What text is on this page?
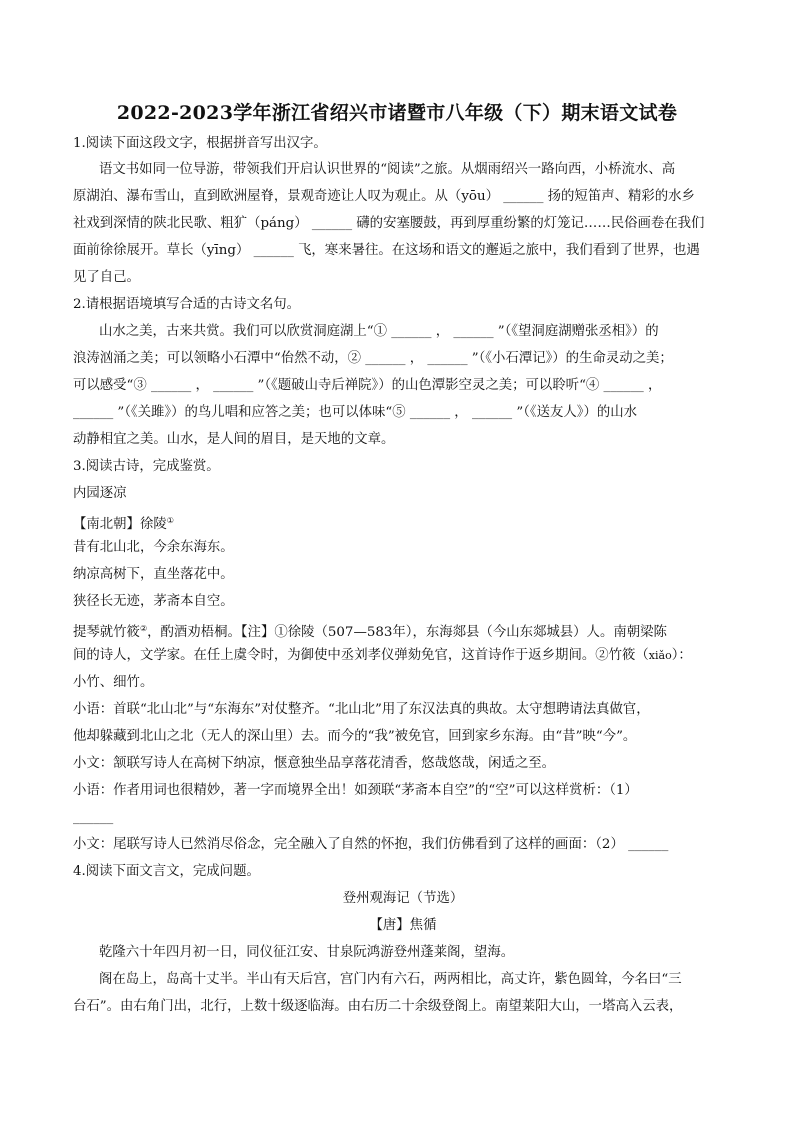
2022-2023学年浙江省绍兴市诸暨市八年级（下）期末语文试卷
1.阅读下面这段文字，根据拼音写出汉字。
语文书如同一位导游，带领我们开启认识世界的“阅读”之旅。从烟雨绍兴一路向西，小桥流水、高
原湖泊、瀑布雪山，直到欧洲屋脊，景观奇迹让人叹为观止。从（yōu） ______ 扬的短笛声、精彩的水乡
社戏到深情的陕北民歌、粗犷（páng） ______ 礴的安塞腰鼓，再到厚重纷繁的灯笼记……民俗画卷在我们
面前徐徐展开。草长（yīng） ______ 飞，寒来暑往。在这场和语文的邂逅之旅中，我们看到了世界，也遇
见了自己。
2.请根据语境填写合适的古诗文名句。
山水之美，古来共赏。我们可以欣赏洞庭湖上“① ______ ， ______ ”（《望洞庭湖赠张丞相》）的
浪涛汹涌之美；可以领略小石潭中“佁然不动，② ______ ， ______ ”（《小石潭记》）的生命灵动之美；
可以感受“③ ______ ， ______ ”（《题破山寺后禅院》）的山色潭影空灵之美；可以聆听“④ ______ ，
______ ”（《关雎》）的鸟儿唱和应答之美；也可以体味“⑤ ______ ， ______ ”（《送友人》）的山水
动静相宜之美。山水，是人间的眉目，是天地的文章。
3.阅读古诗，完成鉴赏。
内园逐凉
【南北朝】徐陵①
昔有北山北，今余东海东。
纳凉高树下，直坐落花中。
狭径长无迹，茅斋本自空。
提琴就竹筱②，酌酒劝梧桐。【注】①徐陵（507—583年），东海郯县（今山东郯城县）人。南朝梁陈
间的诗人，文学家。在任上虞令时，为御使中丞刘孝仪弹劾免官，这首诗作于返乡期间。②竹筱（xiǎo）：
小竹、细竹。
小语：首联“北山北”与“东海东”对仗整齐。“北山北”用了东汉法真的典故。太守想聘请法真做官，
他却躲藏到北山之北（无人的深山里）去。而今的“我”被免官，回到家乡东海。由“昔”映“今”。
小文：颔联写诗人在高树下纳凉，惬意独坐品享落花清香，悠哉悠哉，闲适之至。
小语：作者用词也很精妙，著一字而境界全出！如颈联“茅斋本自空”的“空”可以这样赏析：（1）
______
小文：尾联写诗人已然消尽俗念，完全融入了自然的怀抱，我们仿佛看到了这样的画面：（2） ______
4.阅读下面文言文，完成问题。
登州观海记（节选）
【唐】焦循
乾隆六十年四月初一日，同仪征江安、甘泉阮鸿游登州蓬莱阁，望海。
阁在岛上，岛高十丈半。半山有天后宫，宫门内有六石，两两相比，高丈许，紫色圆耸，今名曰“三
台石”。由右角门出，北行，上数十级逐临海。由右历二十余级登阁上。南望莱阳大山，一塔高入云表，
